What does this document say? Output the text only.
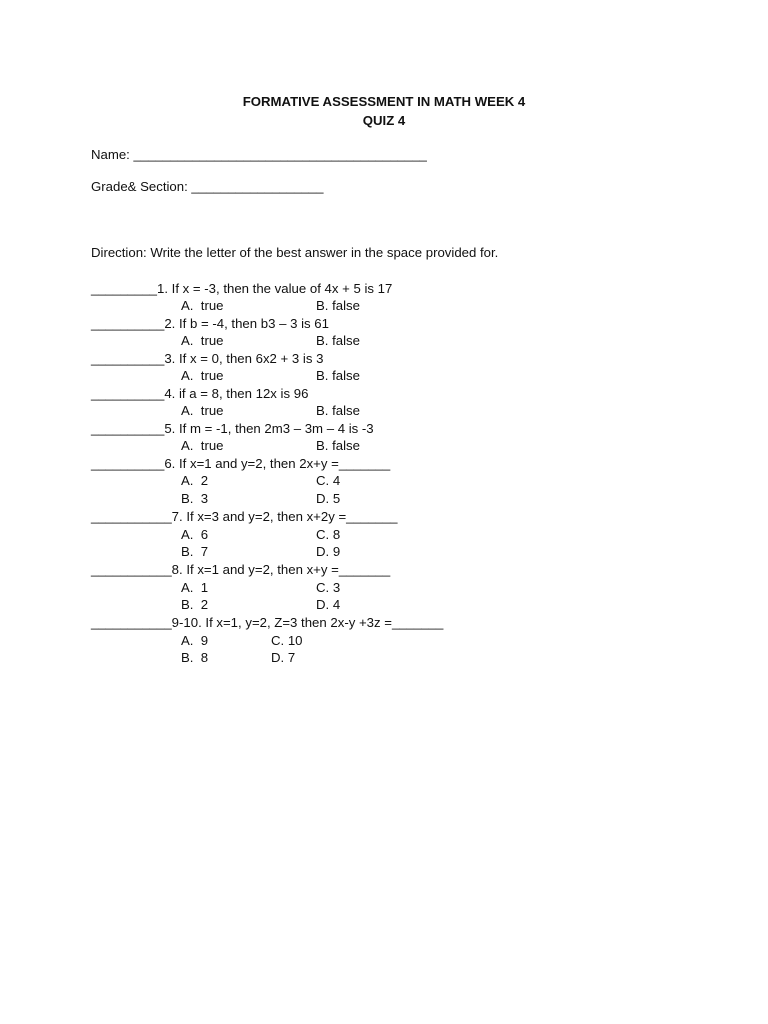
FORMATIVE ASSESSMENT IN MATH WEEK 4
QUIZ 4
Name: ________________________________________
Grade& Section: __________________
Direction: Write the letter of the best answer in the space provided for.
_________1. If x = -3, then the value of 4x + 5 is 17
A.  true	B. false
__________2. If b = -4, then b3 – 3 is 61
A.  true	B. false
__________3. If x = 0, then 6x2 + 3 is 3
A.  true	B. false
__________4. if a = 8, then 12x is 96
A.  true	B. false
__________5. If m = -1, then 2m3 – 3m – 4 is -3
A.  true	B. false
__________6. If x=1 and y=2, then 2x+y =_______
A.  2	C. 4
B.  3	D. 5
___________7. If x=3 and y=2, then x+2y =_______
A.  6	C. 8
B.  7	D. 9
___________8. If x=1 and y=2, then x+y =_______
A.  1	C. 3
B.  2	D. 4
___________9-10. If x=1, y=2, Z=3 then 2x-y +3z =_______
A.  9	C. 10
B.  8	D. 7
